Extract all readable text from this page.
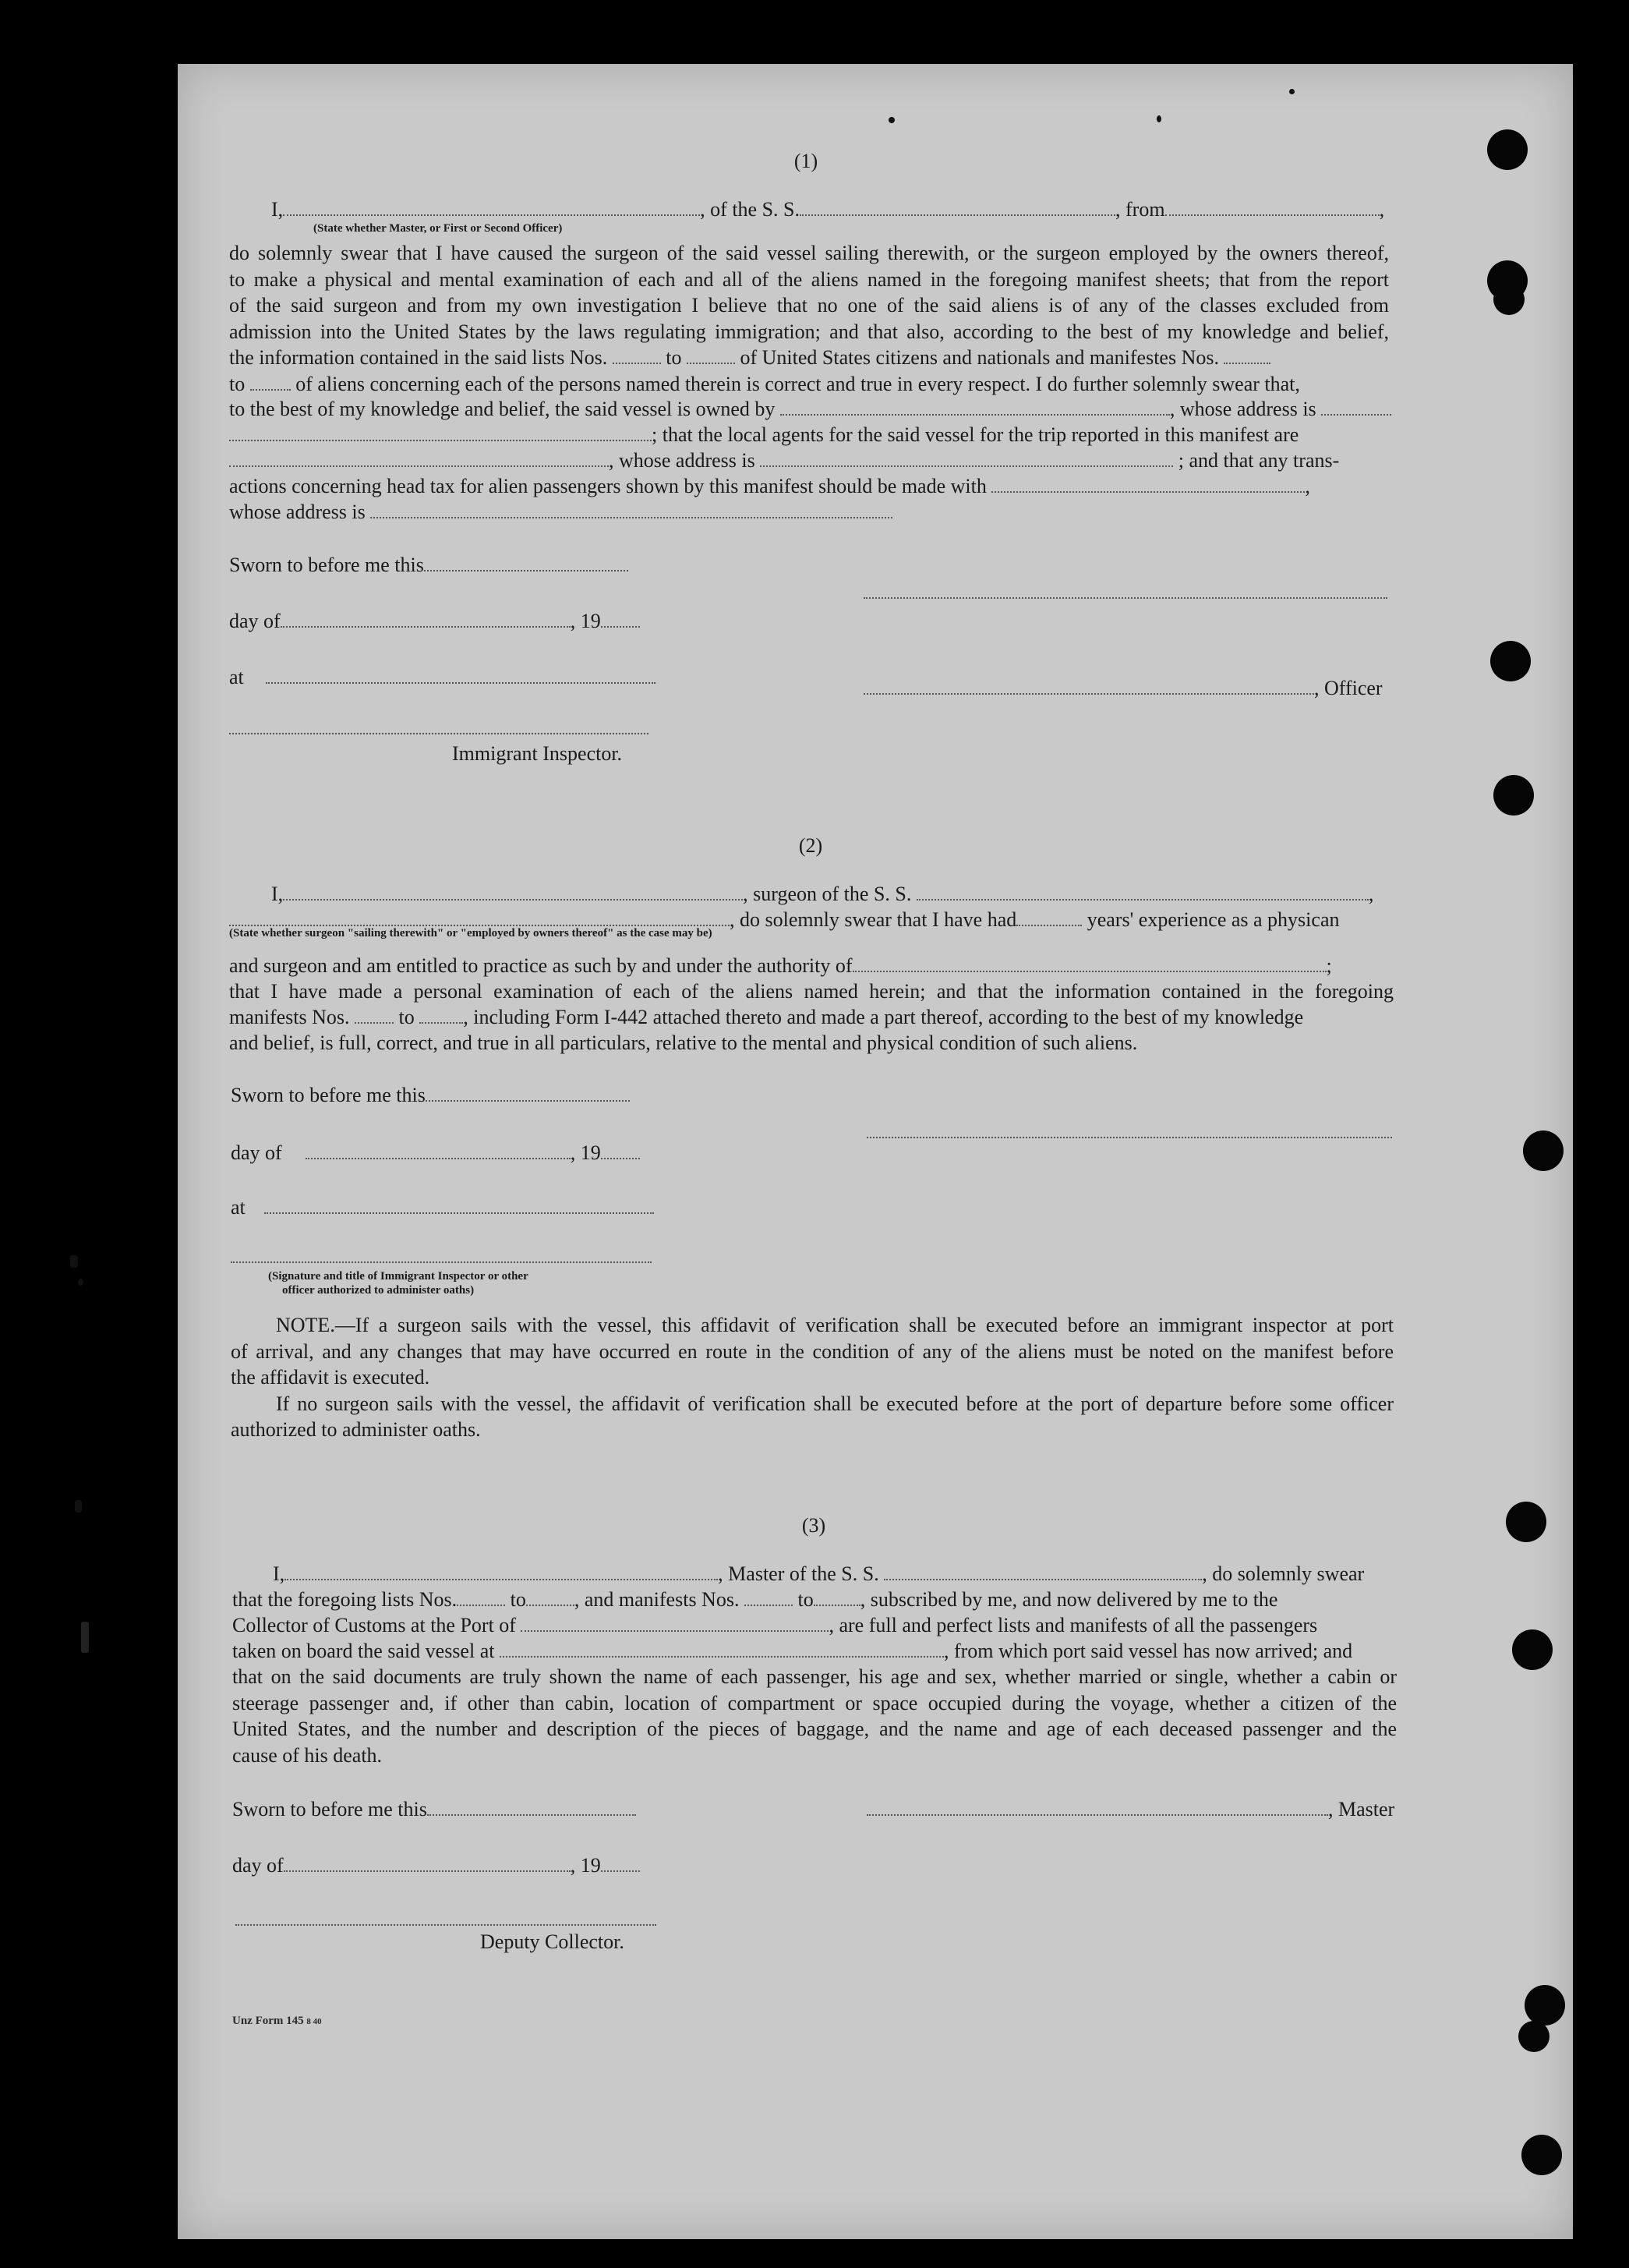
(1)
I,	, of the S. S.	, from	,
(State whether Master, or First or Second Officer)
do solemnly swear that I have caused the surgeon of the said vessel sailing therewith, or the surgeon employed by the owners thereof,
to make a physical and mental examination of each and all of the aliens named in the foregoing manifest sheets; that from the report
of the said surgeon and from my own investigation I believe that no one of the said aliens is of any of the classes excluded from
admission into the United States by the laws regulating immigration; and that also, according to the best of my knowledge and belief,
the information contained in the said lists Nos.	to	of United States citizens and nationals and manifestes Nos.
to	of aliens concerning each of the persons named therein is correct and true in every respect. I do further solemnly swear that,
to the best of my knowledge and belief, the said vessel is owned by	, whose address is
; that the local agents for the said vessel for the trip reported in this manifest are
, whose address is	; and that any trans-
actions concerning head tax for alien passengers shown by this manifest should be made with	,
whose address is
Sworn to before me this
day of	, 19
at	, Officer
Immigrant Inspector.
(2)
I,	, surgeon of the S. S.	,
, do solemnly swear that I have had	years' experience as a physican
(State whether surgeon "sailing therewith" or "employed by owners thereof" as the case may be)
and surgeon and am entitled to practice as such by and under the authority of	;
that I have made a personal examination of each of the aliens named herein; and that the information contained in the foregoing
manifests Nos. to , including Form I-442 attached thereto and made a part thereof, according to the best of my knowledge
and belief, is full, correct, and true in all particulars, relative to the mental and physical condition of such aliens.
Sworn to before me this
day of	, 19
at
(Signature and title of Immigrant Inspector or other
officer authorized to administer oaths)
NOTE.—If a surgeon sails with the vessel, this affidavit of verification shall be executed before an immigrant inspector at port
of arrival, and any changes that may have occurred en route in the condition of any of the aliens must be noted on the manifest before
the affidavit is executed.
If no surgeon sails with the vessel, the affidavit of verification shall be executed before at the port of departure before some officer
authorized to administer oaths.
(3)
I,	, Master of the S. S.	, do solemnly swear
that the foregoing lists Nos.	to , and manifests Nos.	to , subscribed by me, and now delivered by me to the
Collector of Customs at the Port of	, are full and perfect lists and manifests of all the passengers
taken on board the said vessel at	, from which port said vessel has now arrived; and
that on the said documents are truly shown the name of each passenger, his age and sex, whether married or single, whether a cabin or
steerage passenger and, if other than cabin, location of compartment or space occupied during the voyage, whether a citizen of the
United States, and the number and description of the pieces of baggage, and the name and age of each deceased passenger and the
cause of his death.
Sworn to before me this	, Master
day of	, 19
Deputy Collector.
Unz Form 145 8 40
